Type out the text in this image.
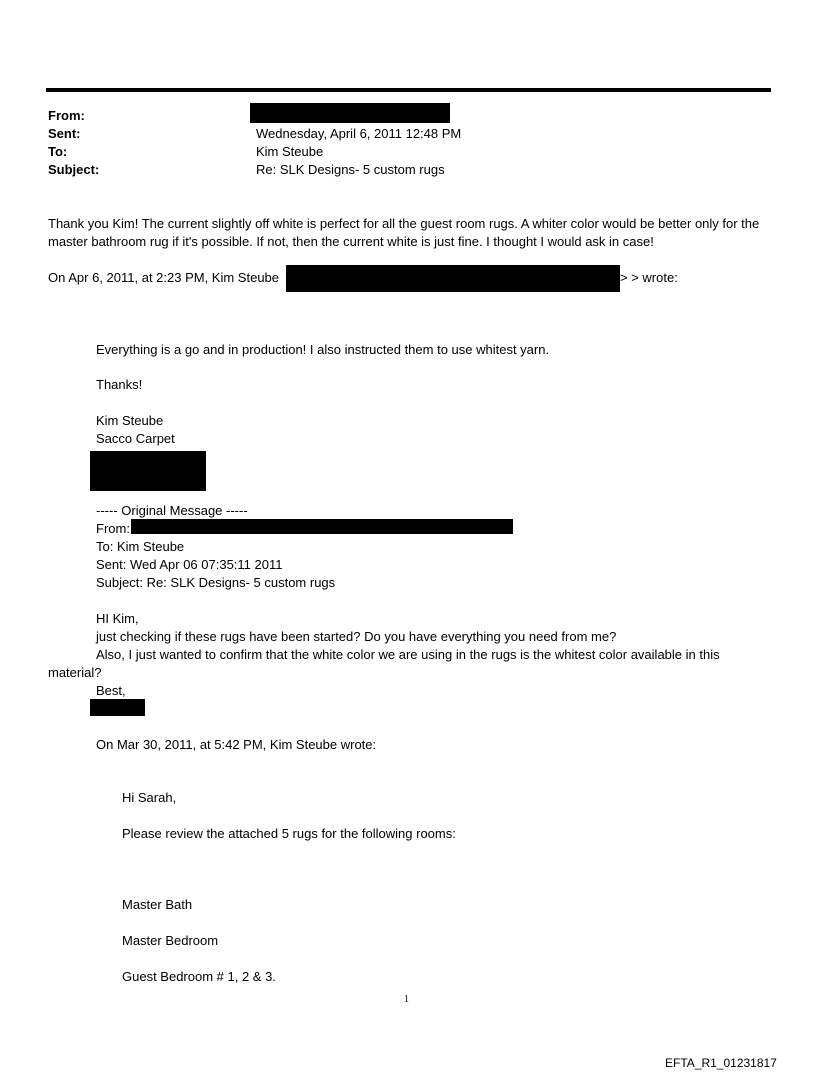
From:
Sent:	Wednesday, April 6, 2011 12:48 PM
To:	Kim Steube
Subject:	Re: SLK Designs- 5 custom rugs
Thank you Kim! The current slightly off white is perfect for all the guest room rugs. A whiter color would be better only for the master bathroom rug if it's possible. If not, then the current white is just fine. I thought I would ask in case!
On Apr 6, 2011, at 2:23 PM, Kim Steube	> > wrote:
Everything is a go and in production! I also instructed them to use whitest yarn.
Thanks!
Kim Steube
Sacco Carpet
----- Original Message -----
From:
To: Kim Steube
Sent: Wed Apr 06 07:35:11 2011
Subject: Re: SLK Designs- 5 custom rugs
HI Kim,
just checking if these rugs have been started? Do you have everything you need from me?
Also, I just wanted to confirm that the white color we are using in the rugs is the whitest color available in this
material?
Best,
On Mar 30, 2011, at 5:42 PM, Kim Steube wrote:
Hi Sarah,
Please review the attached 5 rugs for the following rooms:
Master Bath
Master Bedroom
Guest Bedroom # 1, 2 & 3.
1
EFTA_R1_01231817
